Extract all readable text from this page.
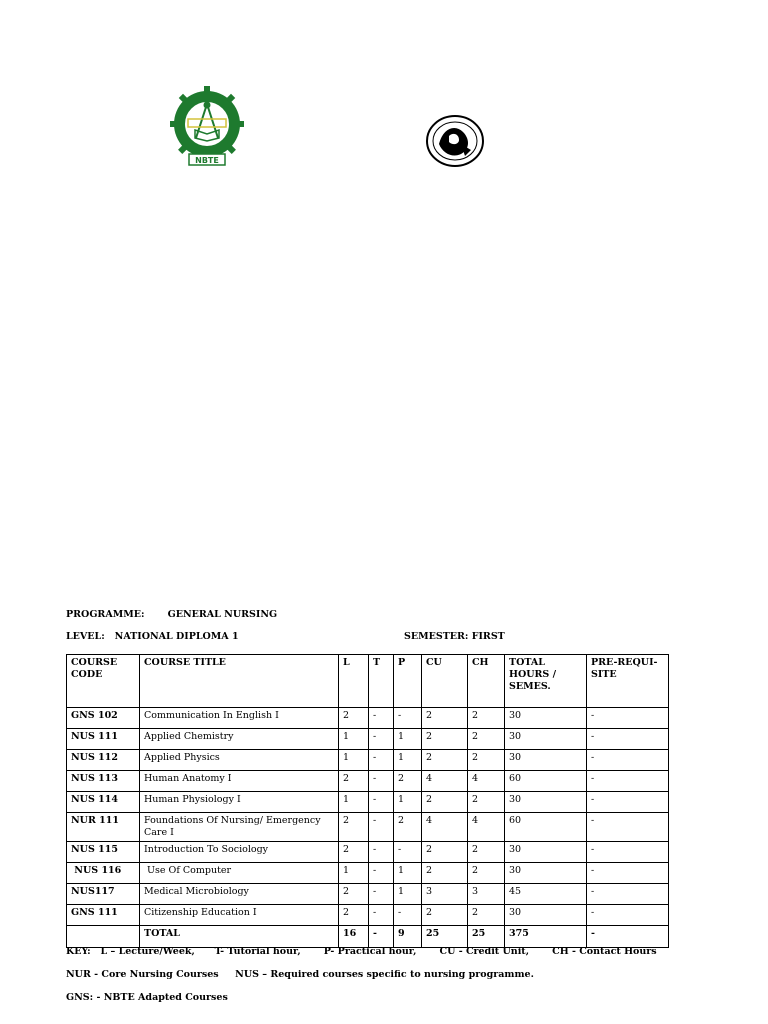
NBTE
PROGRAMME:       GENERAL NURSING
LEVEL:   NATIONAL DIPLOMA 1	SEMESTER: FIRST
COURSE CODE	COURSE TITLE	L	T	P	CU	CH	TOTAL HOURS / SEMES.	PRE-REQUI-SITE
GNS 102	Communication In English I	2	-	-	2	2	30	-
NUS 111	Applied Chemistry	1	-	1	2	2	30	-
NUS 112	Applied Physics	1	-	1	2	2	30	-
NUS 113	Human Anatomy I	2	-	2	4	4	60	-
NUS 114	Human Physiology I	1	-	1	2	2	30	-
NUR 111	Foundations Of Nursing/ Emergency Care I	2	-	2	4	4	60	-
NUS 115	Introduction To Sociology	2	-	-	2	2	30	-
NUS 116	Use Of Computer	1	-	1	2	2	30	-
NUS117	Medical Microbiology	2	-	1	3	3	45	-
GNS 111	Citizenship Education I	2	-	-	2	2	30	-
	TOTAL	16	-	9	25	25	375	-
KEY:   L – Lecture/Week,      T- Tutorial hour,       P- Practical hour,       CU - Credit Unit,       CH - Contact Hours
NUR - Core Nursing Courses     NUS – Required courses specific to nursing programme.
GNS: - NBTE Adapted Courses
